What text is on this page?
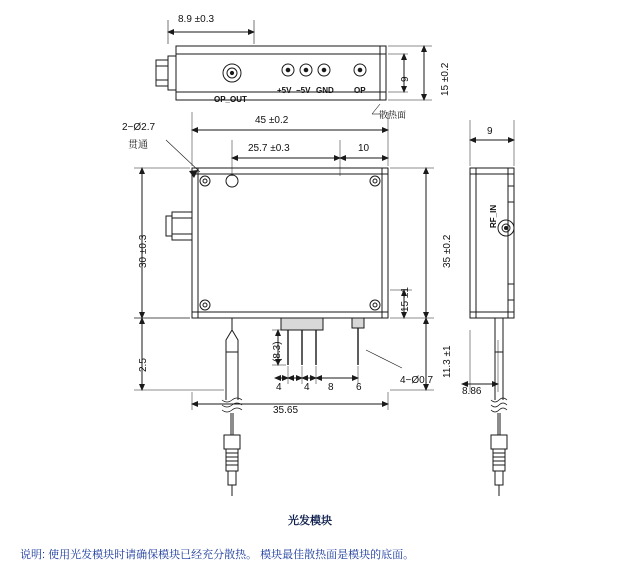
8.9 ±0.3
15 ±0.2
9
OP_OUT
+5V −5V GND	OP
散热面
2−Ø2.7
贯通
45 ±0.2
25.7 ±0.3	10
30 ±0.3
2.5
35 ±0.2
15 ±1
11.3 ±1
(8.3)
4 4 8 6
4−Ø0.7
35.65
9
8.86
RF_IN
光发模块
说明: 使用光发模块时请确保模块已经充分散热。 模块最佳散热面是模块的底面。
